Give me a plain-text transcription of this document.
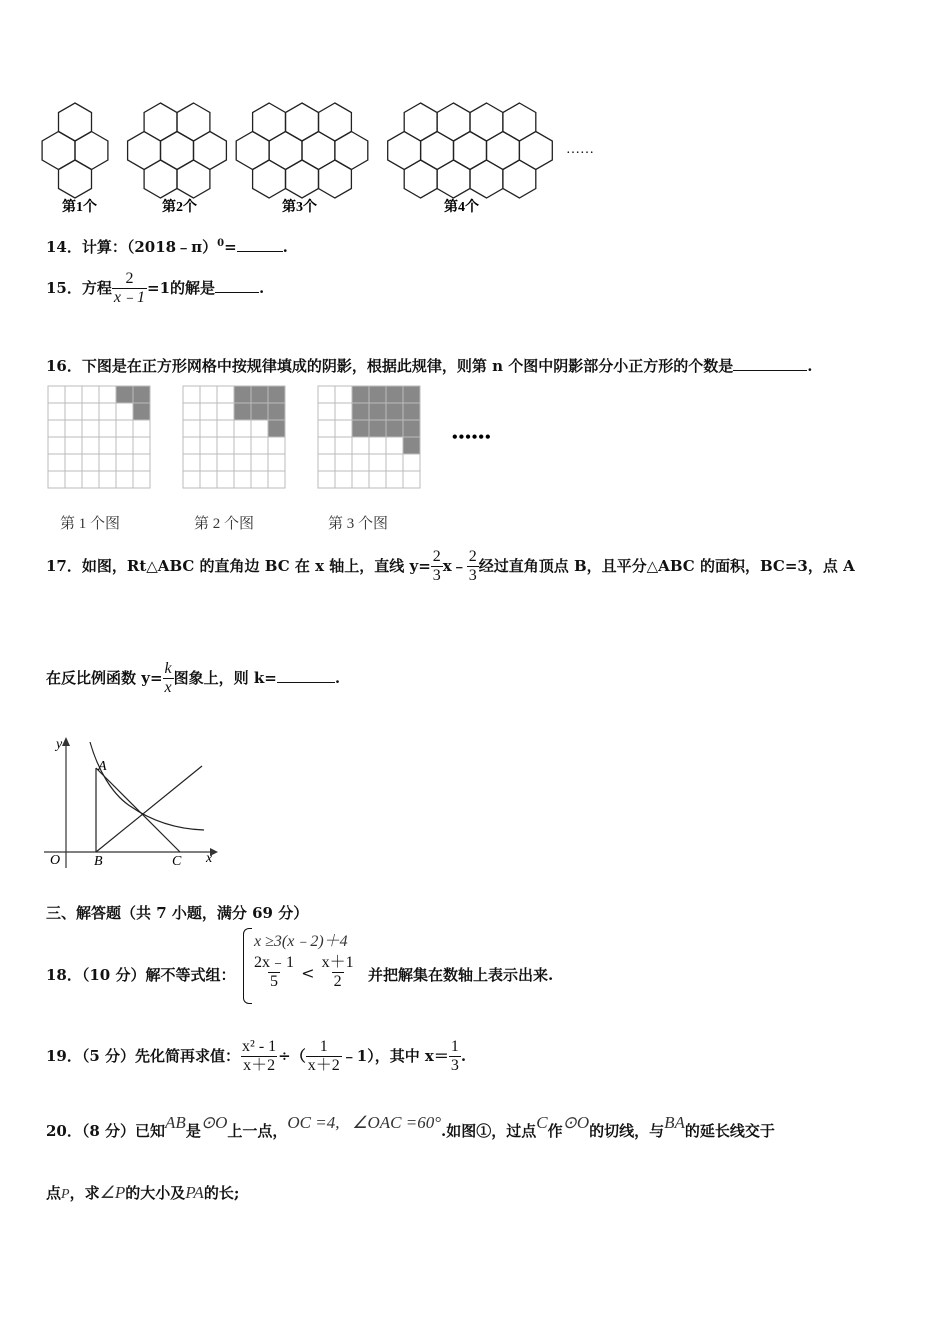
第1个	第2个	第3个	第4个
……
14．计算：（2018﹣π）$^0$=	.
15．方程 $\frac{2}{x﹣1} =1$的解是	.
16．下图是在正方形网格中按规律填成的阴影，根据此规律，则第 n 个图中阴影部分小正方形的个数是	.
••••••
第 1 个图	第 2 个图	第 3 个图
17．如图，Rt△ABC 的直角边 BC 在 x 轴上，直线 $y= \frac{2}{3}$ x﹣ $\frac{2}{3}$ 经过直角顶点 B，且平分△ABC 的面积，BC=3，点 A
在反比例函数 $y= \frac{k}{x}$ 图象上，则 k=	.
y
x
O
A
B	C
三、解答题（共 7 小题，满分 69 分）
18．（10 分）解不等式组：
x ≥3(x﹣2)＋4
$\frac{2x﹣1}{5} < \frac{x+1}{2}$ 并把解集在数轴上表示出来.
19．（5 分）先化简再求值： $\frac{\text{x² - 1}}{x+2}$ ÷（ $\frac{1}{x+2}$ ﹣1），其中 $x= \frac{1}{3}$ .
20．（8 分）已知AB是⊙O上一点，OC =4,   ∠OAC =60°.如图①，过点C作⊙O的切线，与BA的延长线交于
点P，求∠P的大小及PA的长;
